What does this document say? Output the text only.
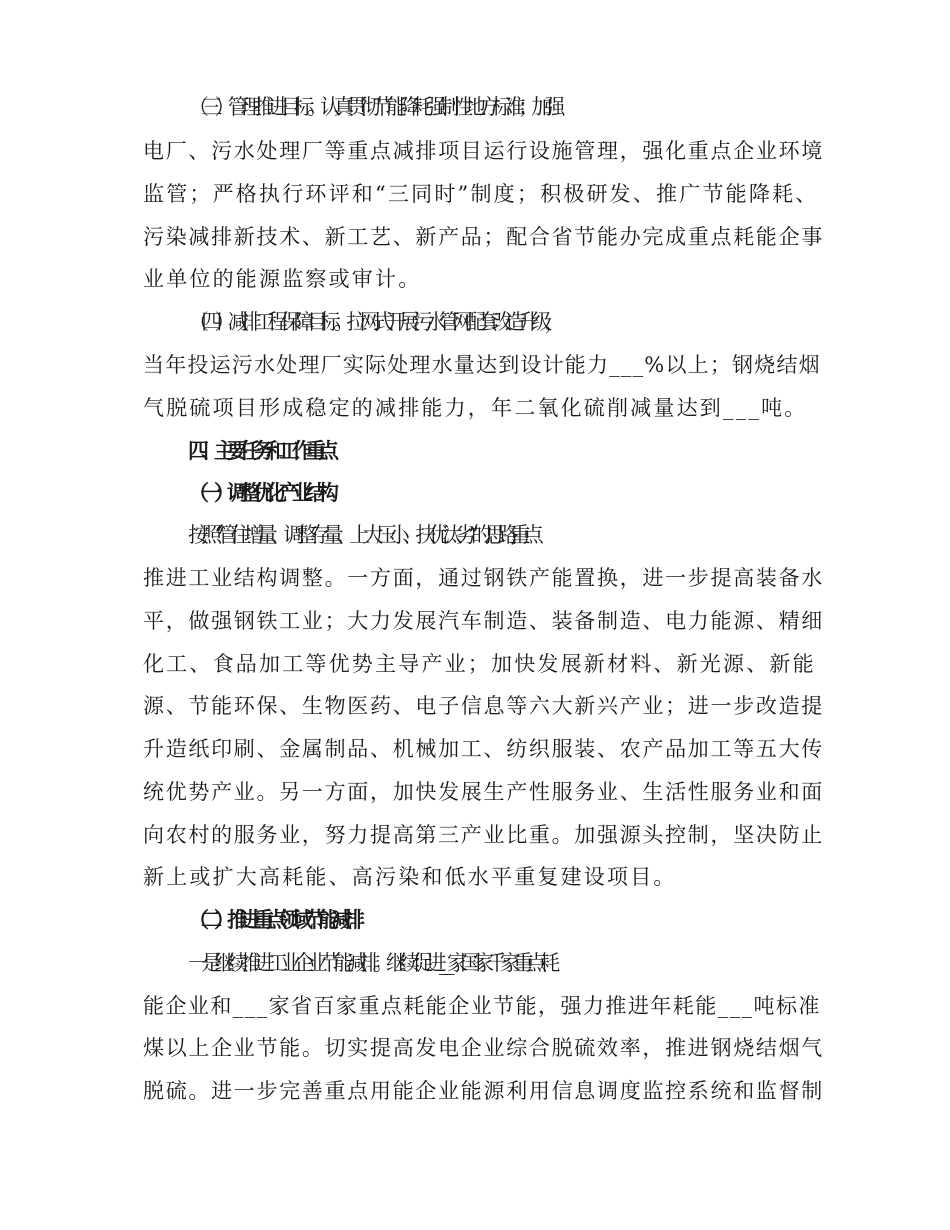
（三）管理推进目标。认真贯彻节能降耗强制性地方标准；加强

电厂、污水处理厂等重点减排项目运行设施管理，强化重点企业环境

监管；严格执行环评和“三同时”制度；积极研发、推广节能降耗、

污染减排新技术、新工艺、新产品；配合省节能办完成重点耗能企事

业单位的能源监察或审计。

（四）减排工程保障目标。拉网式开展污水管网配套改造升级，

当年投运污水处理厂实际处理水量达到设计能力___%以上；钢烧结烟

气脱硫项目形成稳定的减排能力，年二氧化硫削减量达到___吨。

四、主要任务和工作重点

（一）调整优化产业结构

按照“管住增量、调整存量、上大压小、扶优汰劣”的思路,重点

推进工业结构调整。一方面，通过钢铁产能置换，进一步提高装备水

平，做强钢铁工业；大力发展汽车制造、装备制造、电力能源、精细

化工、食品加工等优势主导产业；加快发展新材料、新光源、新能

源、节能环保、生物医药、电子信息等六大新兴产业；进一步改造提

升造纸印刷、金属制品、机械加工、纺织服装、农产品加工等五大传

统优势产业。另一方面，加快发展生产性服务业、生活性服务业和面

向农村的服务业，努力提高第三产业比重。加强源头控制，坚决防止

新上或扩大高耗能、高污染和低水平重复建设项目。

（二）推进重点领域节能减排

一是继续推进工业企业节能减排。继续促进___家国家千家重点耗

能企业和___家省百家重点耗能企业节能，强力推进年耗能___吨标准

煤以上企业节能。切实提高发电企业综合脱硫效率，推进钢烧结烟气

脱硫。进一步完善重点用能企业能源利用信息调度监控系统和监督制
